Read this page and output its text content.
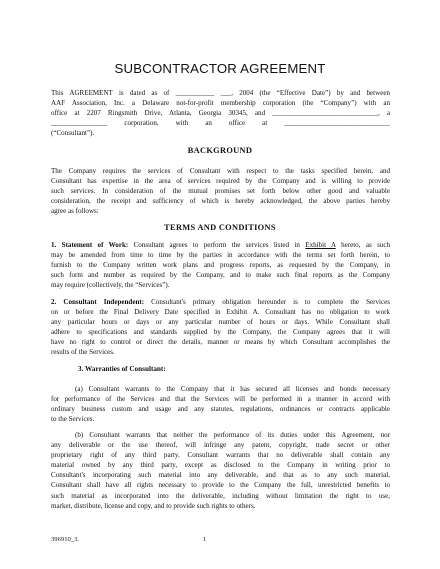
SUBCONTRACTOR AGREEMENT
This AGREEMENT is dated as of ___________ ___, 2004 (the “Effective Date”) by and between
AAF Association, Inc. a Delaware not-for-profit membership corporation (the “Company”) with an
office at 2207 Ringsmith Drive, Atlanta, Georgia 30345, and ______________________________, a
________________ corporation, with an office at ______________________________
(“Consultant”).
BACKGROUND
The Company requires the services of Consultant with respect to the tasks specified herein, and
Consultant has expertise in the area of services required by the Company and is willing to provide
such services. In consideration of the mutual promises set forth below other good and valuable
consideration, the receipt and sufficiency of which is hereby acknowledged, the above parties hereby
agree as follows:
TERMS AND CONDITIONS
1. Statement of Work: Consultant agrees to perform the services listed in Exhibit A hereto, as such
may be amended from time to time by the parties in accordance with the terms set forth herein, to
furnish to the Company written work plans and progress reports, as requested by the Company, in
such form and number as required by the Company, and to make such final reports as the Company
may require (collectively, the “Services”).
2. Consultant Independent: Consultant's primary obligation hereunder is to complete the Services
on or before the Final Delivery Date specified in Exhibit A. Consultant has no obligation to work
any particular hours or days or any particular number of hours or days. While Consultant shall
adhere to specifications and standards supplied by the Company, the Company agrees that it will
have no right to control or direct the details, manner or means by which Consultant accomplishes the
results of the Services.
3. Warranties of Consultant:
(a) Consultant warrants to the Company that it has secured all licenses and bonds necessary
for performance of the Services and that the Services will be performed in a manner in accord with
ordinary business custom and usage and any statutes, regulations, ordinances or contracts applicable
to the Services.
(b) Consultant warrants that neither the performance of its duties under this Agreement, nor
any deliverable or the use thereof, will infringe any patent, copyright, trade secret or other
proprietary right of any third party. Consultant warrants that no deliverable shall contain any
material owned by any third party, except as disclosed to the Company in writing prior to
Consultant's incorporating such material into any deliverable, and that as to any such material,
Consultant shall have all rights necessary to provide to the Company the full, unrestricted benefits to
such material as incorporated into the deliverable, including without limitation the right to use,
market, distribute, license and copy, and to provide such rights to others.
396910_3.	1
